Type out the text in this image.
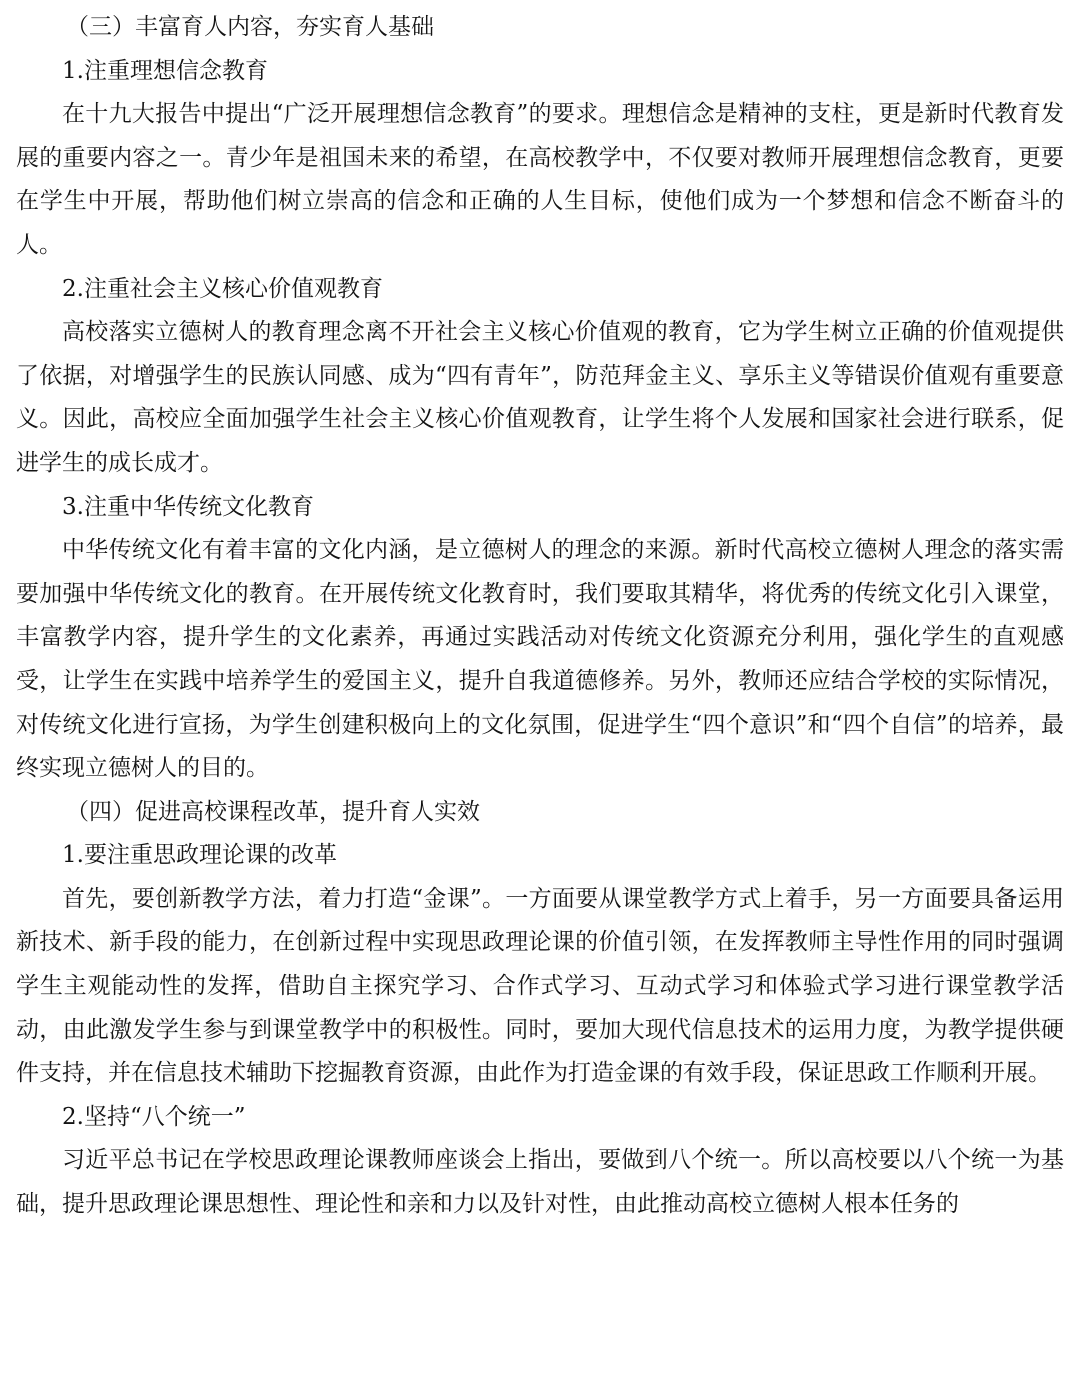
（三）丰富育人内容，夯实育人基础

1.注重理想信念教育

在十九大报告中提出“广泛开展理想信念教育”的要求。理想信念是精神的支柱，更是新时代教育发展的重要内容之一。青少年是祖国未来的希望，在高校教学中，不仅要对教师开展理想信念教育，更要在学生中开展，帮助他们树立崇高的信念和正确的人生目标，使他们成为一个梦想和信念不断奋斗的人。

2.注重社会主义核心价值观教育

高校落实立德树人的教育理念离不开社会主义核心价值观的教育，它为学生树立正确的价值观提供了依据，对增强学生的民族认同感、成为“四有青年”，防范拜金主义、享乐主义等错误价值观有重要意义。因此，高校应全面加强学生社会主义核心价值观教育，让学生将个人发展和国家社会进行联系，促进学生的成长成才。

3.注重中华传统文化教育

中华传统文化有着丰富的文化内涵，是立德树人的理念的来源。新时代高校立德树人理念的落实需要加强中华传统文化的教育。在开展传统文化教育时，我们要取其精华，将优秀的传统文化引入课堂，丰富教学内容，提升学生的文化素养，再通过实践活动对传统文化资源充分利用，强化学生的直观感受，让学生在实践中培养学生的爱国主义，提升自我道德修养。另外，教师还应结合学校的实际情况，对传统文化进行宣扬，为学生创建积极向上的文化氛围，促进学生“四个意识”和“四个自信”的培养，最终实现立德树人的目的。

（四）促进高校课程改革，提升育人实效

1.要注重思政理论课的改革

首先，要创新教学方法，着力打造“金课”。一方面要从课堂教学方式上着手，另一方面要具备运用新技术、新手段的能力，在创新过程中实现思政理论课的价值引领，在发挥教师主导性作用的同时强调学生主观能动性的发挥，借助自主探究学习、合作式学习、互动式学习和体验式学习进行课堂教学活动，由此激发学生参与到课堂教学中的积极性。同时，要加大现代信息技术的运用力度，为教学提供硬件支持，并在信息技术辅助下挖掘教育资源，由此作为打造金课的有效手段，保证思政工作顺利开展。

2.坚持“八个统一”

习近平总书记在学校思政理论课教师座谈会上指出，要做到八个统一。所以高校要以八个统一为基础，提升思政理论课思想性、理论性和亲和力以及针对性，由此推动高校立德树人根本任务的
